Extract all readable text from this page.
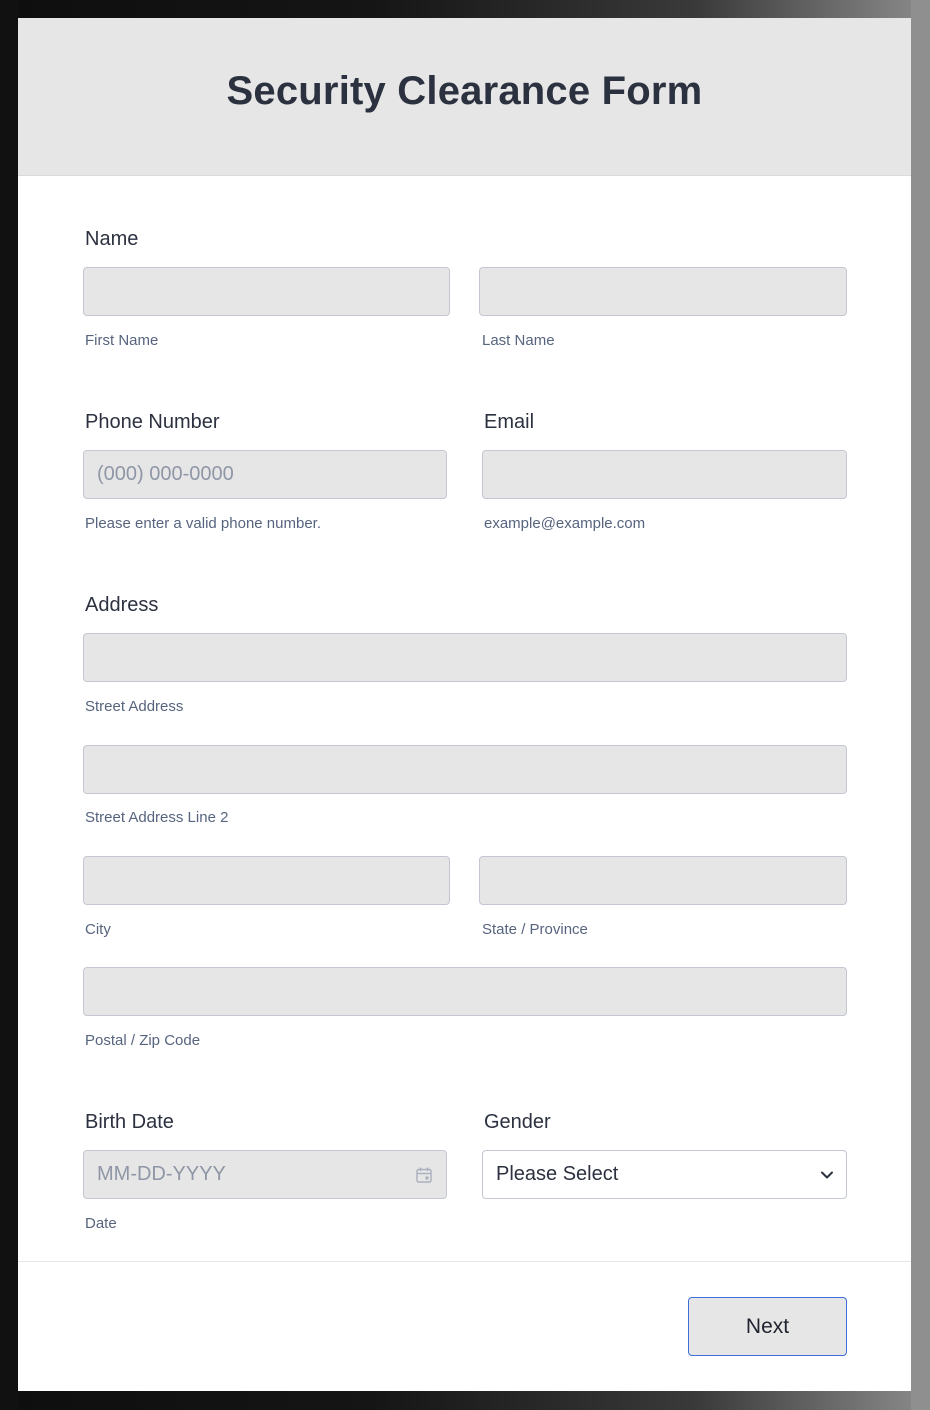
Security Clearance Form

Name

First Name	Last Name

Phone Number

(000) 000-0000

Please enter a valid phone number.

Email

example@example.com

Address

Street Address

Street Address Line 2

City	State / Province

Postal / Zip Code

Birth Date

MM-DD-YYYY

Date

Gender

Please Select
Next
